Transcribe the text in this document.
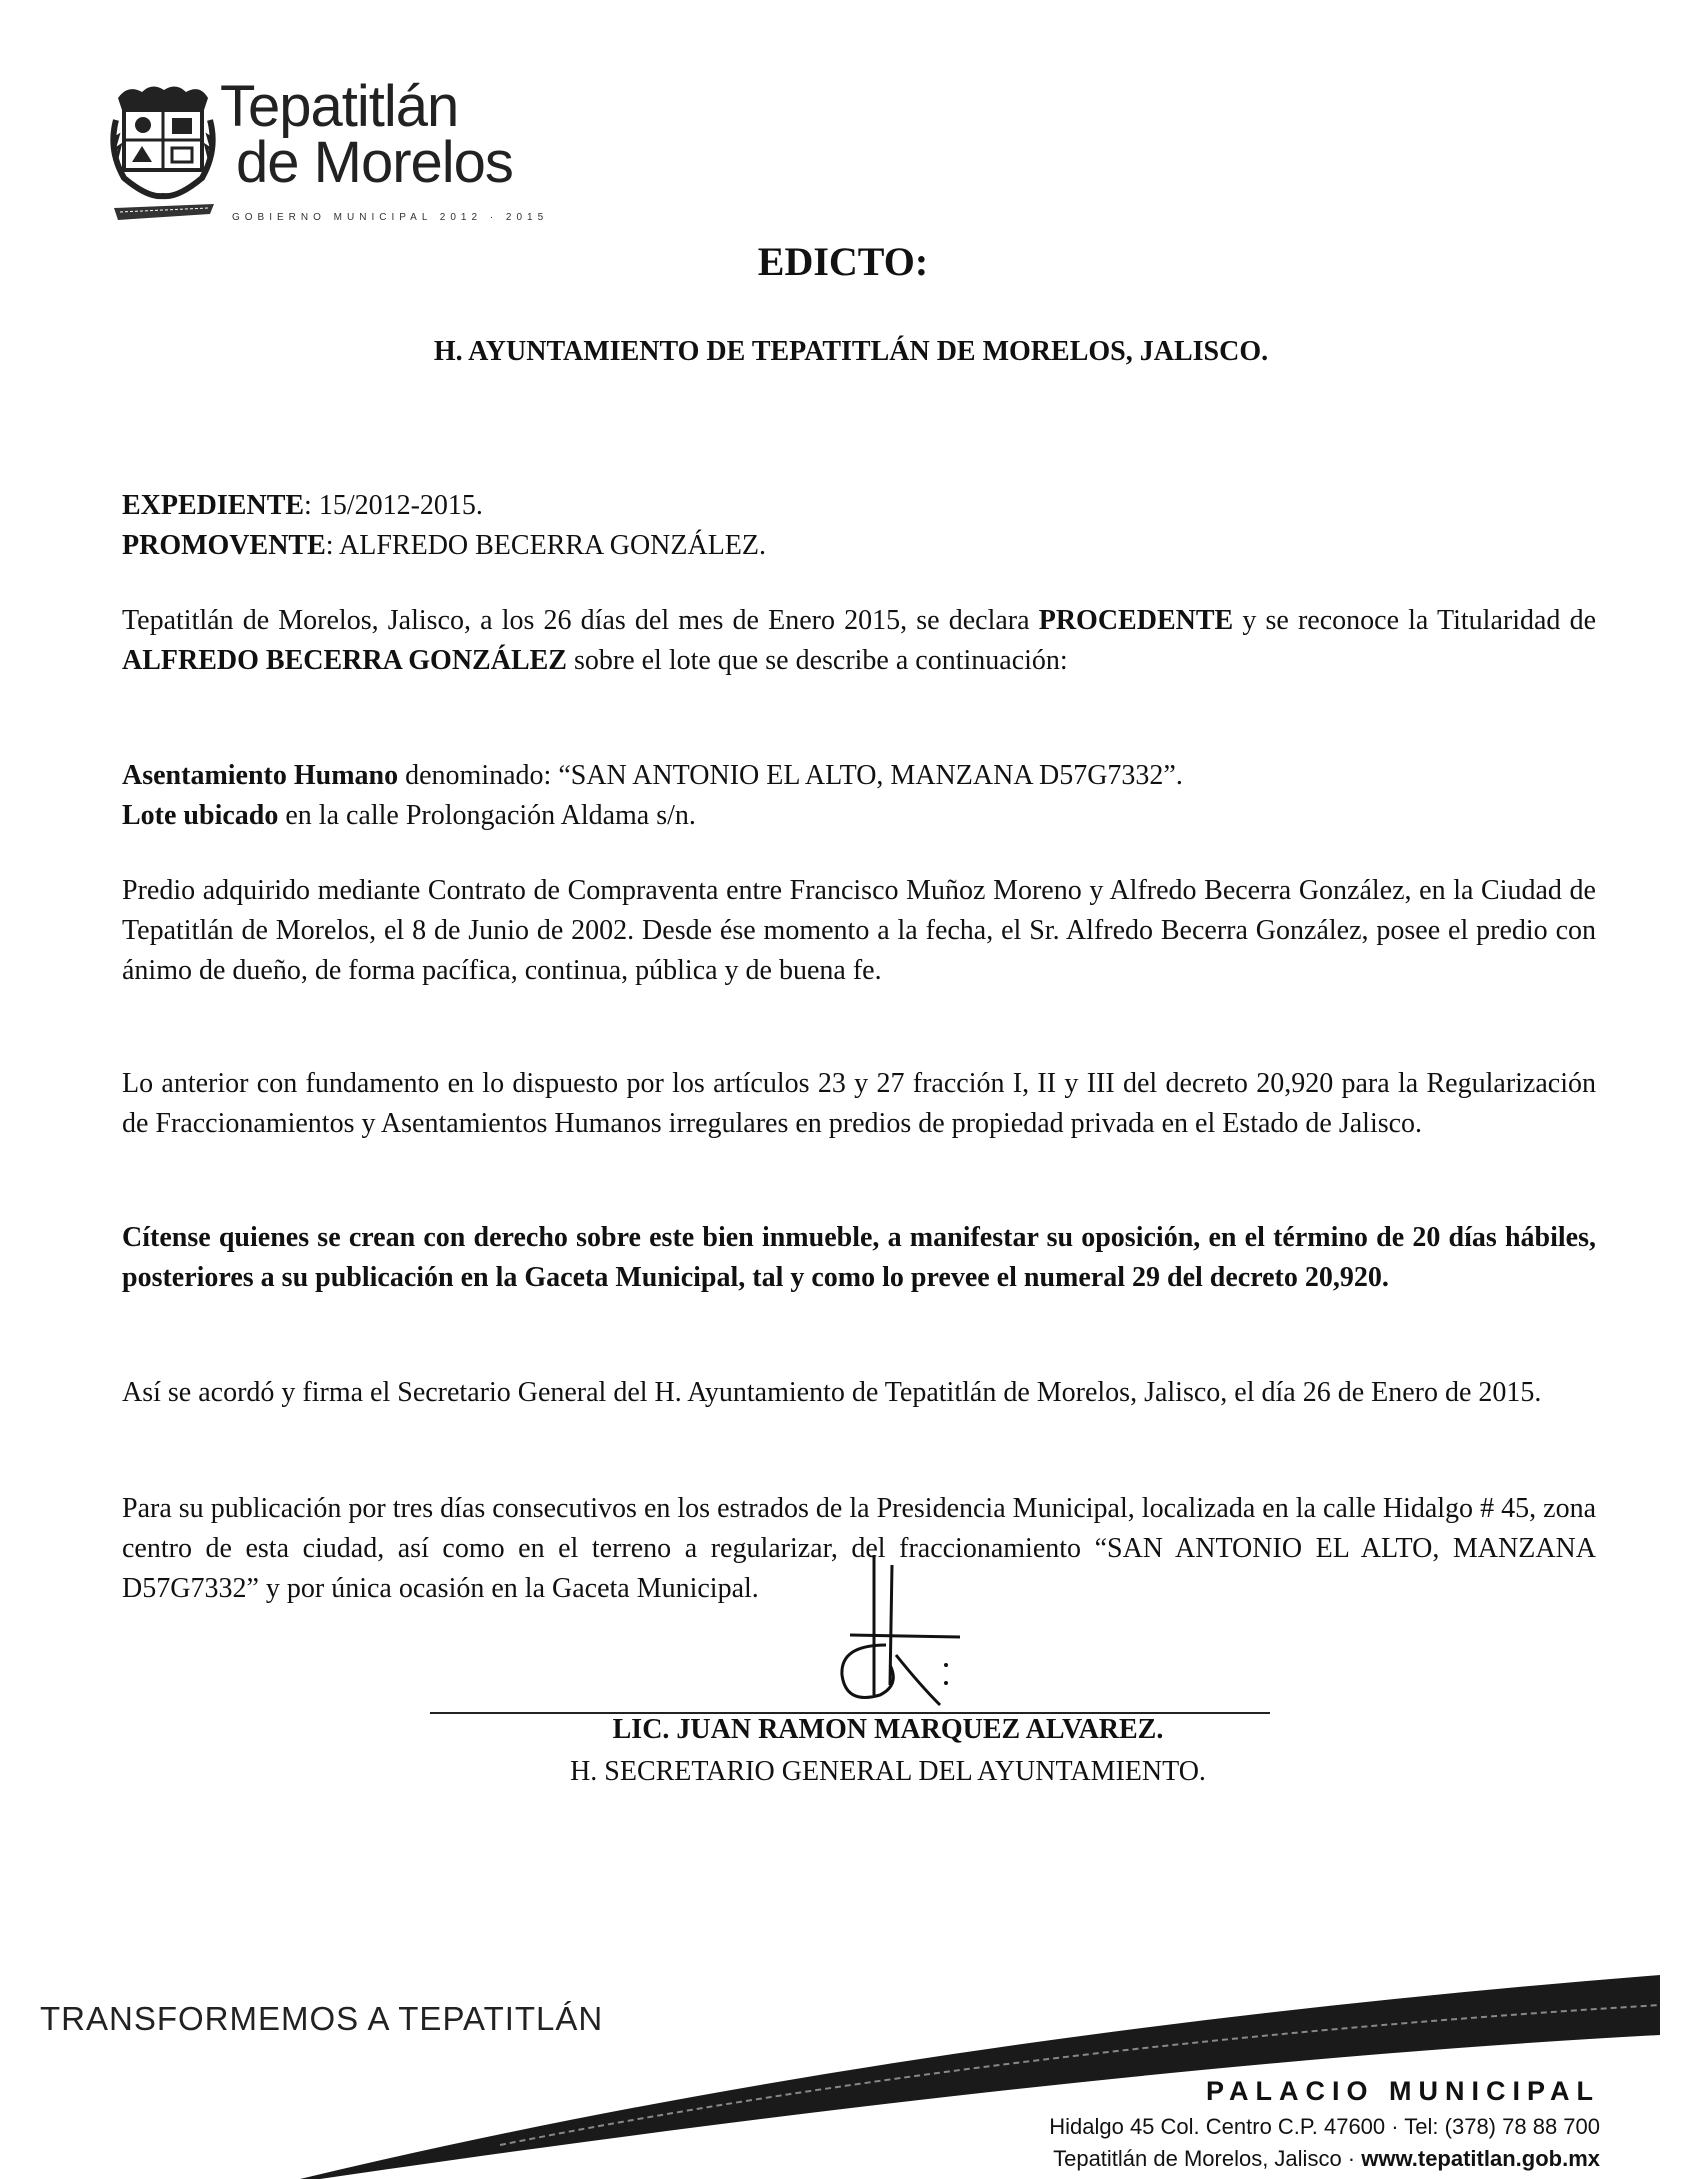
Tepatitlán
de Morelos
GOBIERNO MUNICIPAL 2012 · 2015
EDICTO:
H. AYUNTAMIENTO DE TEPATITLÁN DE MORELOS, JALISCO.
EXPEDIENTE: 15/2012-2015.
PROMOVENTE: ALFREDO BECERRA GONZÁLEZ.
Tepatitlán de Morelos, Jalisco, a los 26 días del mes de Enero 2015, se declara PROCEDENTE y se reconoce la Titularidad de ALFREDO BECERRA GONZÁLEZ sobre el lote que se describe a continuación:
Asentamiento Humano denominado: “SAN ANTONIO EL ALTO, MANZANA D57G7332”.
Lote ubicado en la calle Prolongación Aldama s/n.
Predio adquirido mediante Contrato de Compraventa entre Francisco Muñoz Moreno y Alfredo Becerra González, en la Ciudad de Tepatitlán de Morelos, el 8 de Junio de 2002. Desde ése momento a la fecha, el Sr. Alfredo Becerra González, posee el predio con ánimo de dueño, de forma pacífica, continua, pública y de buena fe.
Lo anterior con fundamento en lo dispuesto por los artículos 23 y 27 fracción I, II y III del decreto 20,920 para la Regularización de Fraccionamientos y Asentamientos Humanos irregulares en predios de propiedad privada en el Estado de Jalisco.
Cítense quienes se crean con derecho sobre este bien inmueble, a manifestar su oposición, en el término de 20 días hábiles, posteriores a su publicación en la Gaceta Municipal, tal y como lo prevee el numeral 29 del decreto 20,920.
Así se acordó y firma el Secretario General del H. Ayuntamiento de Tepatitlán de Morelos, Jalisco, el día 26 de Enero de 2015.
Para su publicación por tres días consecutivos en los estrados de la Presidencia Municipal, localizada en la calle Hidalgo # 45, zona centro de esta ciudad, así como en el terreno a regularizar, del fraccionamiento “SAN ANTONIO EL ALTO, MANZANA D57G7332” y por única ocasión en la Gaceta Municipal.
LIC. JUAN RAMON MARQUEZ ALVAREZ.
H. SECRETARIO GENERAL DEL AYUNTAMIENTO.
TRANSFORMEMOS A TEPATITLÁN
PALACIO MUNICIPAL
Hidalgo 45 Col. Centro C.P. 47600 · Tel: (378) 78 88 700
Tepatitlán de Morelos, Jalisco · www.tepatitlan.gob.mx
